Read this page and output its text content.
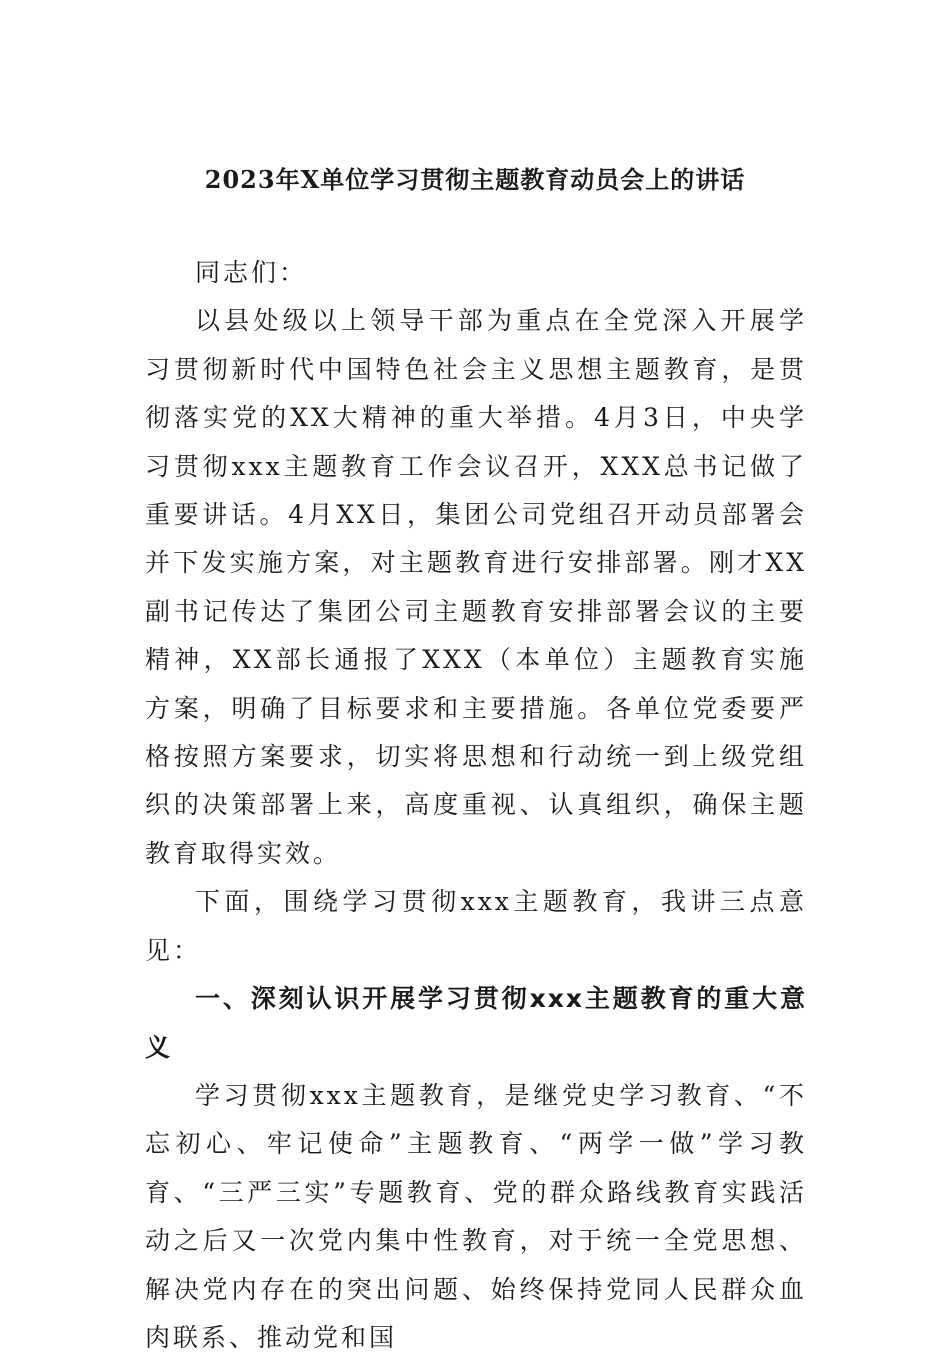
2023年X单位学习贯彻主题教育动员会上的讲话

同志们：

以县处级以上领导干部为重点在全党深入开展学习贯彻新时代中国特色社会主义思想主题教育，是贯彻落实党的XX大精神的重大举措。4月3日，中央学习贯彻xxx主题教育工作会议召开，XXX总书记做了重要讲话。4月XX日，集团公司党组召开动员部署会并下发实施方案，对主题教育进行安排部署。刚才XX副书记传达了集团公司主题教育安排部署会议的主要精神，XX部长通报了XXX（本单位）主题教育实施方案，明确了目标要求和主要措施。各单位党委要严格按照方案要求，切实将思想和行动统一到上级党组织的决策部署上来，高度重视、认真组织，确保主题教育取得实效。

下面，围绕学习贯彻xxx主题教育，我讲三点意见：

一、深刻认识开展学习贯彻xxx主题教育的重大意义

学习贯彻xxx主题教育，是继党史学习教育、“不忘初心、牢记使命”主题教育、“两学一做”学习教育、“三严三实”专题教育、党的群众路线教育实践活动之后又一次党内集中性教育，对于统一全党思想、解决党内存在的突出问题、始终保持党同人民群众血肉联系、推动党和国
